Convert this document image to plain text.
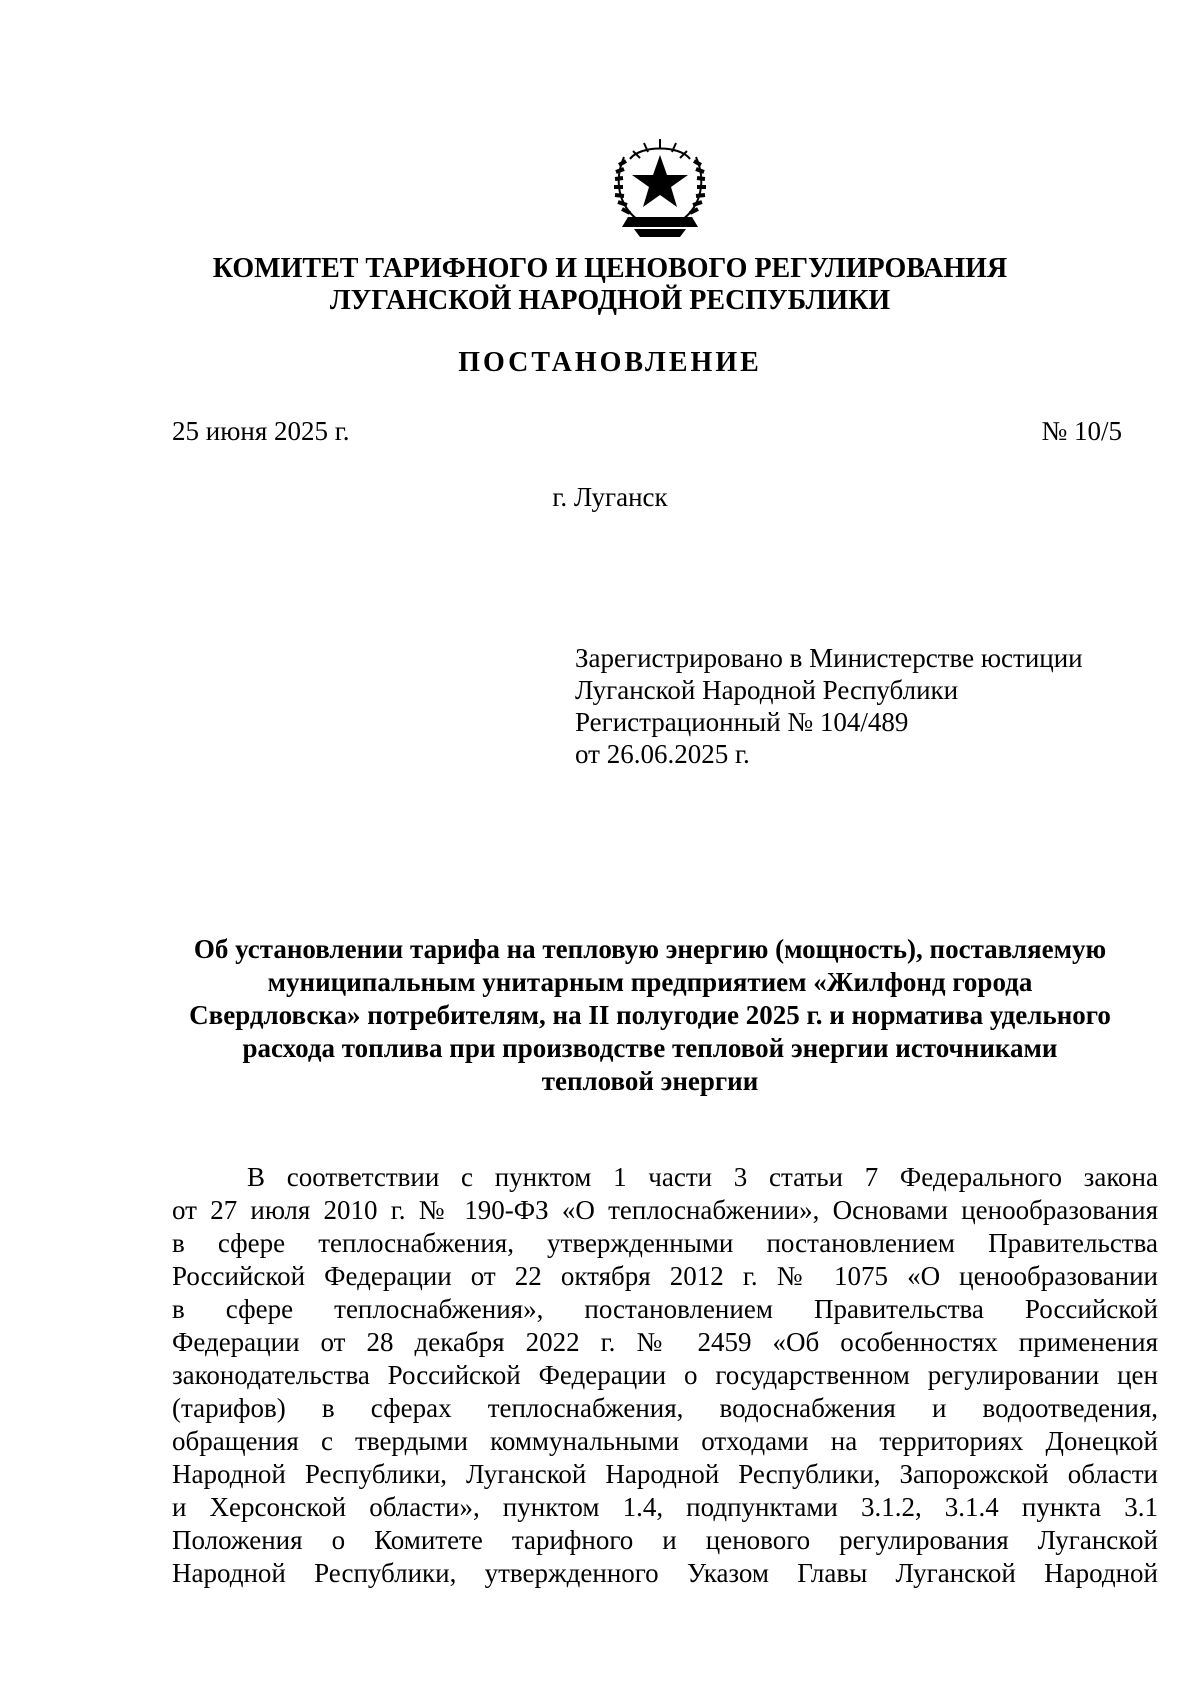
КОМИТЕТ ТАРИФНОГО И ЦЕНОВОГО РЕГУЛИРОВАНИЯ
ЛУГАНСКОЙ НАРОДНОЙ РЕСПУБЛИКИ
ПОСТАНОВЛЕНИЕ
25 июня 2025 г.	№ 10/5
г. Луганск
Зарегистрировано в Министерстве юстиции
Луганской Народной Республики
Регистрационный № 104/489
от 26.06.2025 г.
Об установлении тарифа на тепловую энергию (мощность), поставляемую
муниципальным унитарным предприятием «Жилфонд города
Свердловска» потребителям, на II полугодие 2025 г. и норматива удельного
расхода топлива при производстве тепловой энергии источниками
тепловой энергии
В соответствии с пунктом 1 части 3 статьи 7 Федерального закона
от 27 июля 2010 г. № 190-ФЗ «О теплоснабжении», Основами ценообразования
в сфере теплоснабжения, утвержденными постановлением Правительства
Российской Федерации от 22 октября 2012 г. № 1075 «О ценообразовании
в сфере теплоснабжения», постановлением Правительства Российской
Федерации от 28 декабря 2022 г. № 2459 «Об особенностях применения
законодательства Российской Федерации о государственном регулировании цен
(тарифов) в сферах теплоснабжения, водоснабжения и водоотведения,
обращения с твердыми коммунальными отходами на территориях Донецкой
Народной Республики, Луганской Народной Республики, Запорожской области
и Херсонской области», пунктом 1.4, подпунктами 3.1.2, 3.1.4 пункта 3.1
Положения о Комитете тарифного и ценового регулирования Луганской
Народной Республики, утвержденного Указом Главы Луганской Народной
